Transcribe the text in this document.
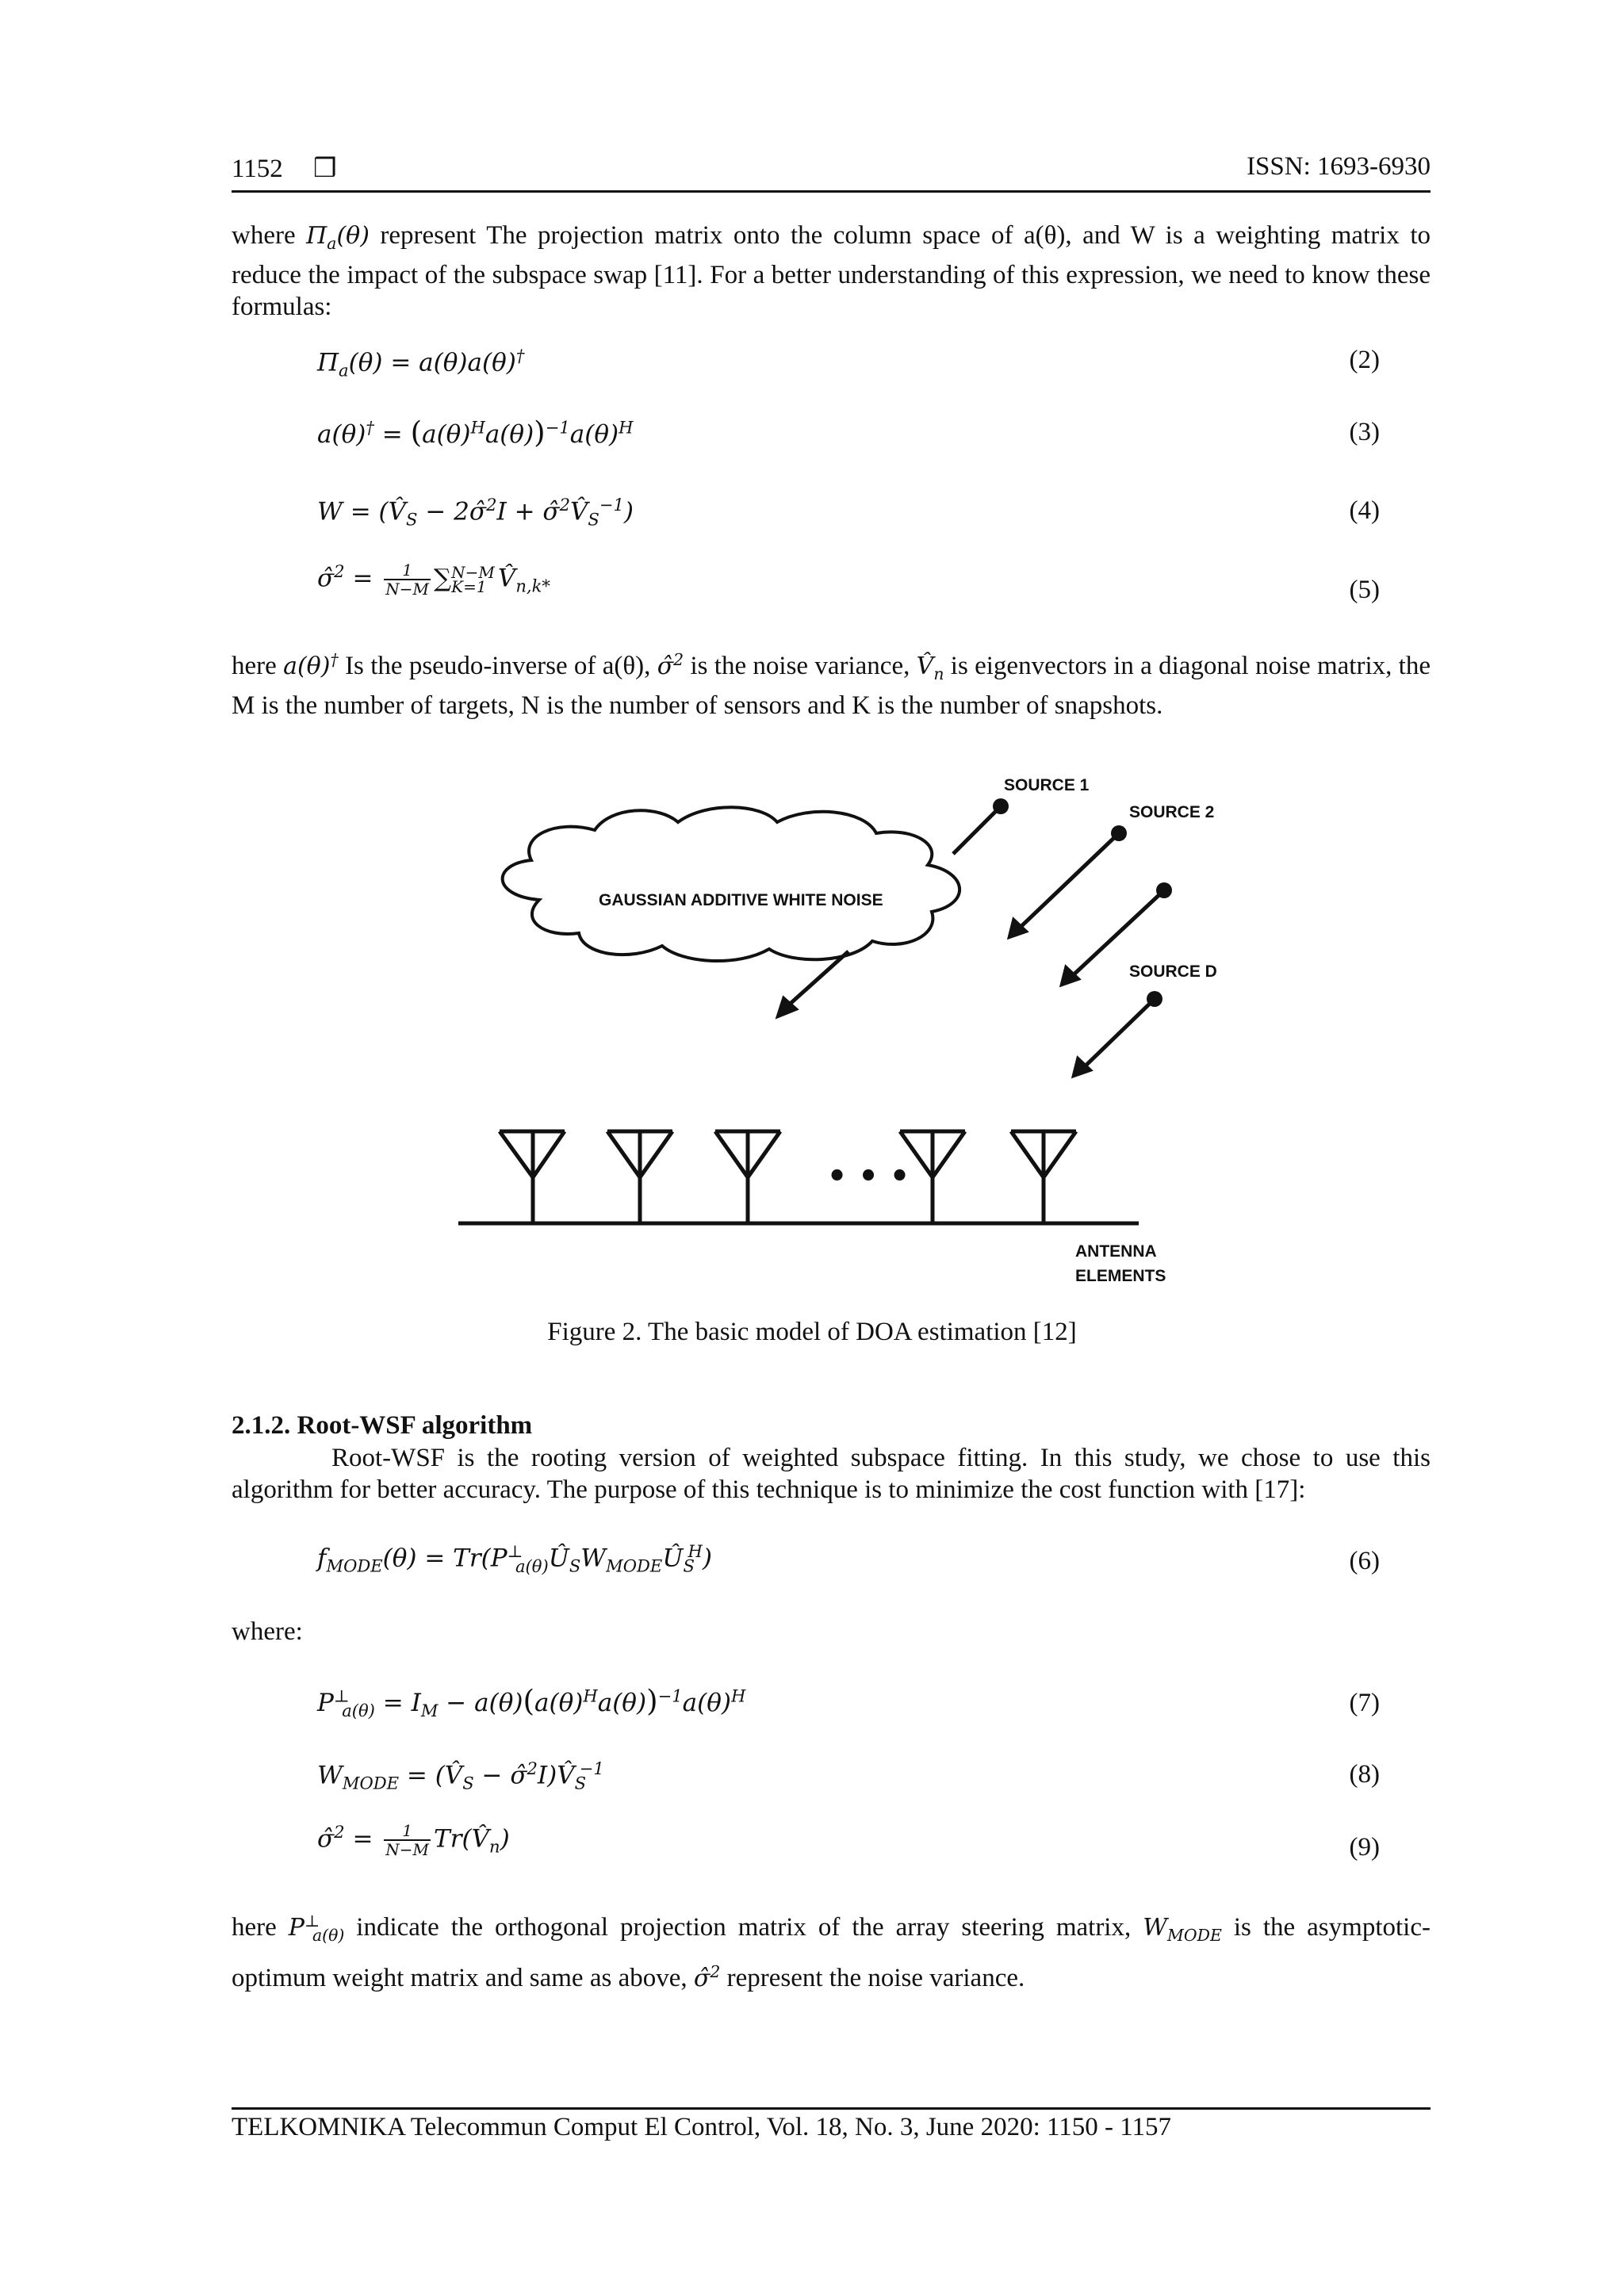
1152 ❒	ISSN: 1693-6930
where $\Pi_a(\theta)$ represent The projection matrix onto the column space of a(θ), and W is a weighting matrix to reduce the impact of the subspace swap [11]. For a better understanding of this expression, we need to know these formulas:
$\Pi_a(\theta) = a(\theta)a(\theta)^\dagger$	(2)
$a(\theta)^\dagger = (a(\theta)^Ha(\theta))^{-1}a(\theta)^H$	(3)
$W = (V̂_S$ − 2σ̂$^2$I + $\sigmâ^2V̂_S^{-1}$)	(4)
σ̂$^2$ = $\frac{1}{N-M}$ ∑ N−M
K=1 $V̂_{n,k*}$	(5)
here a(θ)† Is the pseudo-inverse of a(θ), σ̂$^2$ is the noise variance, $V̂_n$ is eigenvectors in a diagonal noise matrix, the M is the number of targets, N is the number of sensors and K is the number of snapshots.
GAUSSIAN ADDITIVE WHITE NOISE
SOURCE 1
SOURCE 2
SOURCE D
• • •
ANTENNA
ELEMENTS
Figure 2. The basic model of DOA estimation [12]
2.1.2. Root-WSF algorithm
Root-WSF is the rooting version of weighted subspace fitting. In this study, we chose to use this algorithm for better accuracy. The purpose of this technique is to minimize the cost function with [17]:
$f_{MODE}(\theta)$ = $Tr(P^\perp_{a(\theta)}Û_SW_{MODE}Û_S^H)$	(6)
where:
$P^\perp_{a(\theta)} = I_M - a(\theta)(a(\theta)^Ha(\theta))^{-1}a(\theta)^H$	(7)
$W_{MODE}$ = ($V̂_S$ − $\sigmâ^2I)V̂_S^{-1}$	(8)
σ̂$^2$ = $\frac{1}{N-M}$ $Tr(V̂_n)$	(9)
here $P^\perp_{a(\theta)}$ indicate the orthogonal projection matrix of the array steering matrix, $W_{MODE}$ is the asymptotic-optimum weight matrix and same as above, σ̂$^2$ represent the noise variance.
TELKOMNIKA Telecommun Comput El Control, Vol. 18, No. 3, June 2020: 1150 - 1157
